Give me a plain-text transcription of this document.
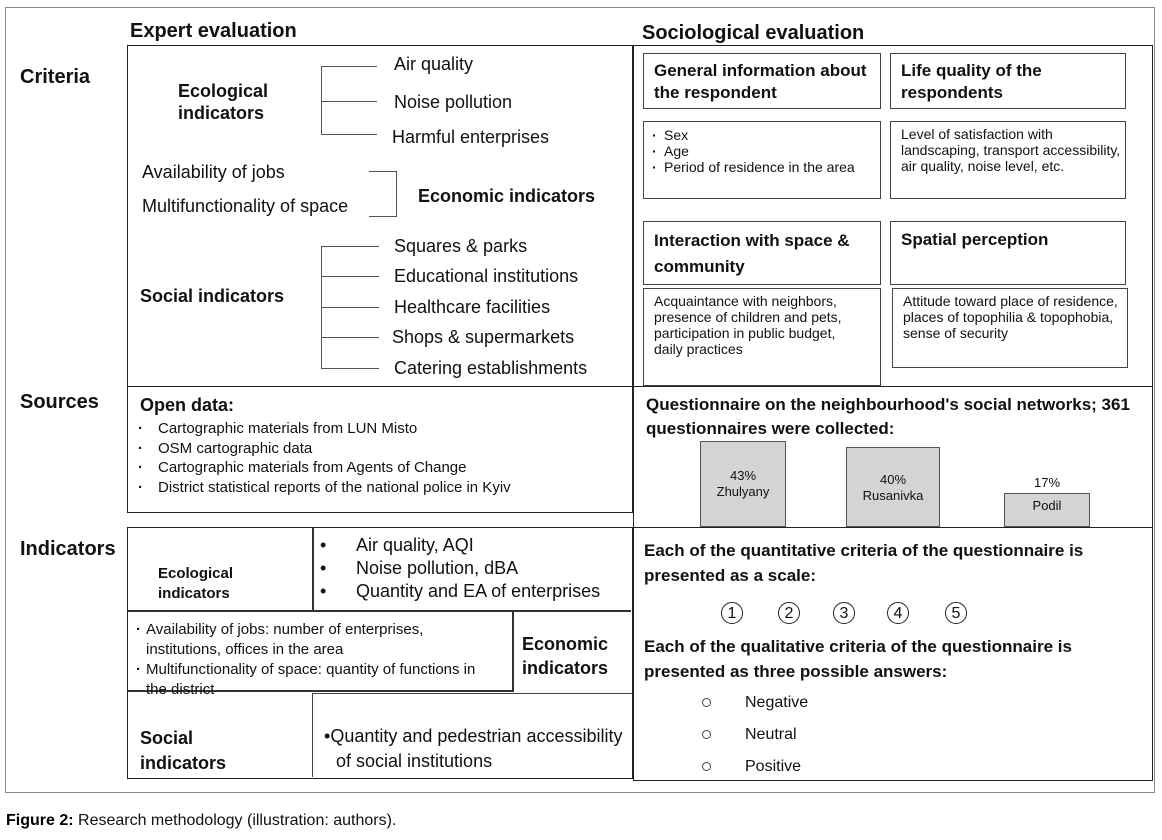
Expert evaluation	Sociological evaluation
Criteria
Sources
Indicators
Ecological indicators
Air quality
Noise pollution
Harmful enterprises
Availability of jobs
Multifunctionality of space	Economic indicators
Social indicators
Squares & parks
Educational institutions
Healthcare facilities
Shops & supermarkets
Catering establishments
General information about the respondent
Life quality of the respondents
· Sex
· Age
· Period of residence in the area
Level of satisfaction with landscaping, transport accessibility, air quality, noise level, etc.
Interaction with space & community
Spatial perception
Acquaintance with neighbors, presence of children and pets, participation in public budget, daily practices
Attitude toward place of residence, places of topophilia & topophobia, sense of security
Open data:
· Cartographic materials from LUN Misto
· OSM cartographic data
· Cartographic materials from Agents of Change
· District statistical reports of the national police in Kyiv
Questionnaire on the neighbourhood's social networks; 361 questionnaires were collected:
43%
Zhulyany
40%
Rusanivka
Podil
17%
Ecological
indicators
• Air quality, AQI
• Noise pollution, dBA
• Quantity and EA of enterprises
· Availability of jobs: number of enterprises, institutions, offices in the area
· Multifunctionality of space: quantity of functions in the district
Economic
indicators
Social
indicators
•Quantity and pedestrian accessibility of social institutions
Each of the quantitative criteria of the questionnaire is presented as a scale:
1	2	3	4	5
Each of the qualitative criteria of the questionnaire is presented as three possible answers:
Negative
Neutral
Positive
Figure 2: Research methodology (illustration: authors).
